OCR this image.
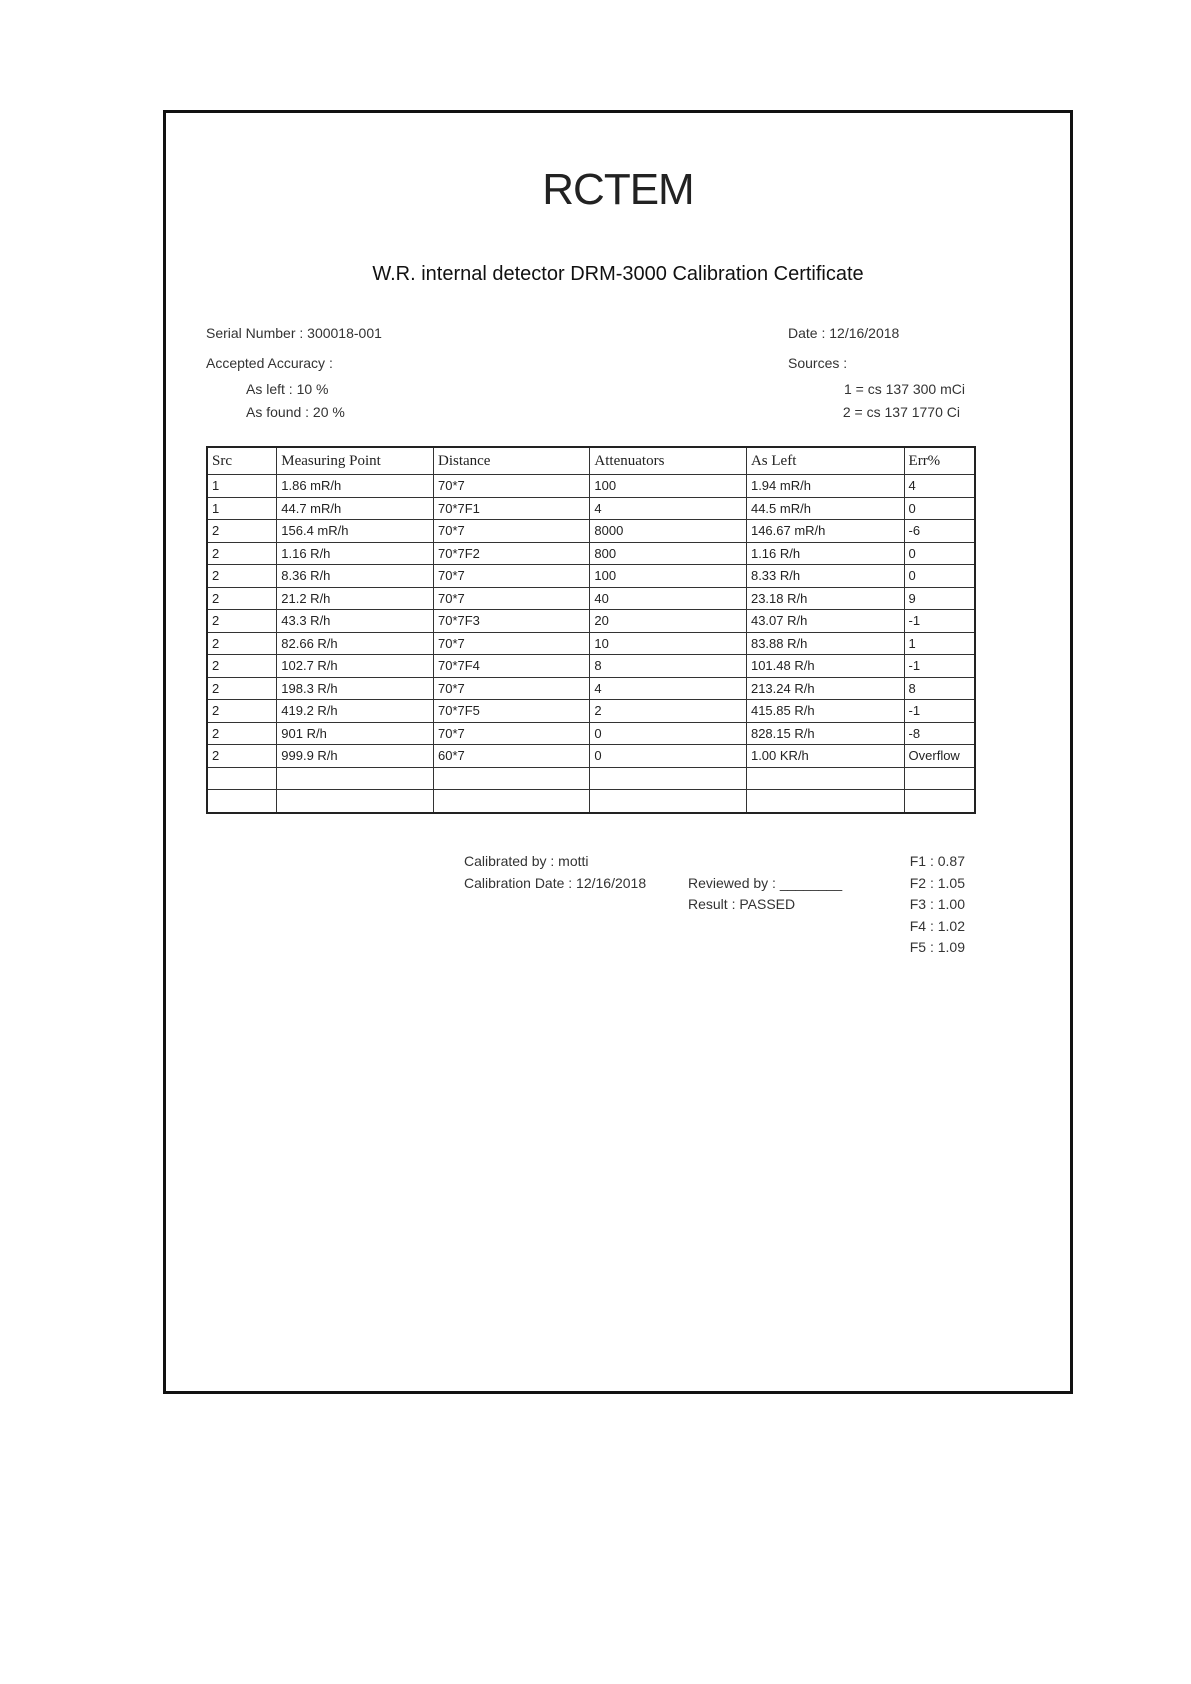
RCTEM
W.R. internal detector DRM-3000 Calibration Certificate
Serial Number : 300018-001
Accepted Accuracy :
As left : 10 %
As found : 20 %
Date : 12/16/2018
Sources :
1 = cs 137 300 mCi
2 = cs 137 1770 Ci
Src	Measuring Point	Distance	Attenuators	As Left	Err%
1	1.86 mR/h	70*7	100	1.94 mR/h	4
1	44.7 mR/h	70*7F1	4	44.5 mR/h	0
2	156.4 mR/h	70*7	8000	146.67 mR/h	-6
2	1.16 R/h	70*7F2	800	1.16 R/h	0
2	8.36 R/h	70*7	100	8.33 R/h	0
2	21.2 R/h	70*7	40	23.18 R/h	9
2	43.3 R/h	70*7F3	20	43.07 R/h	-1
2	82.66 R/h	70*7	10	83.88 R/h	1
2	102.7 R/h	70*7F4	8	101.48 R/h	-1
2	198.3 R/h	70*7	4	213.24 R/h	8
2	419.2 R/h	70*7F5	2	415.85 R/h	-1
2	901 R/h	70*7	0	828.15 R/h	-8
2	999.9 R/h	60*7	0	1.00 KR/h	Overflow

Calibrated by : motti
Calibration Date : 12/16/2018	Reviewed by : ________
Result : PASSED
F1 : 0.87
F2 : 1.05
F3 : 1.00
F4 : 1.02
F5 : 1.09
